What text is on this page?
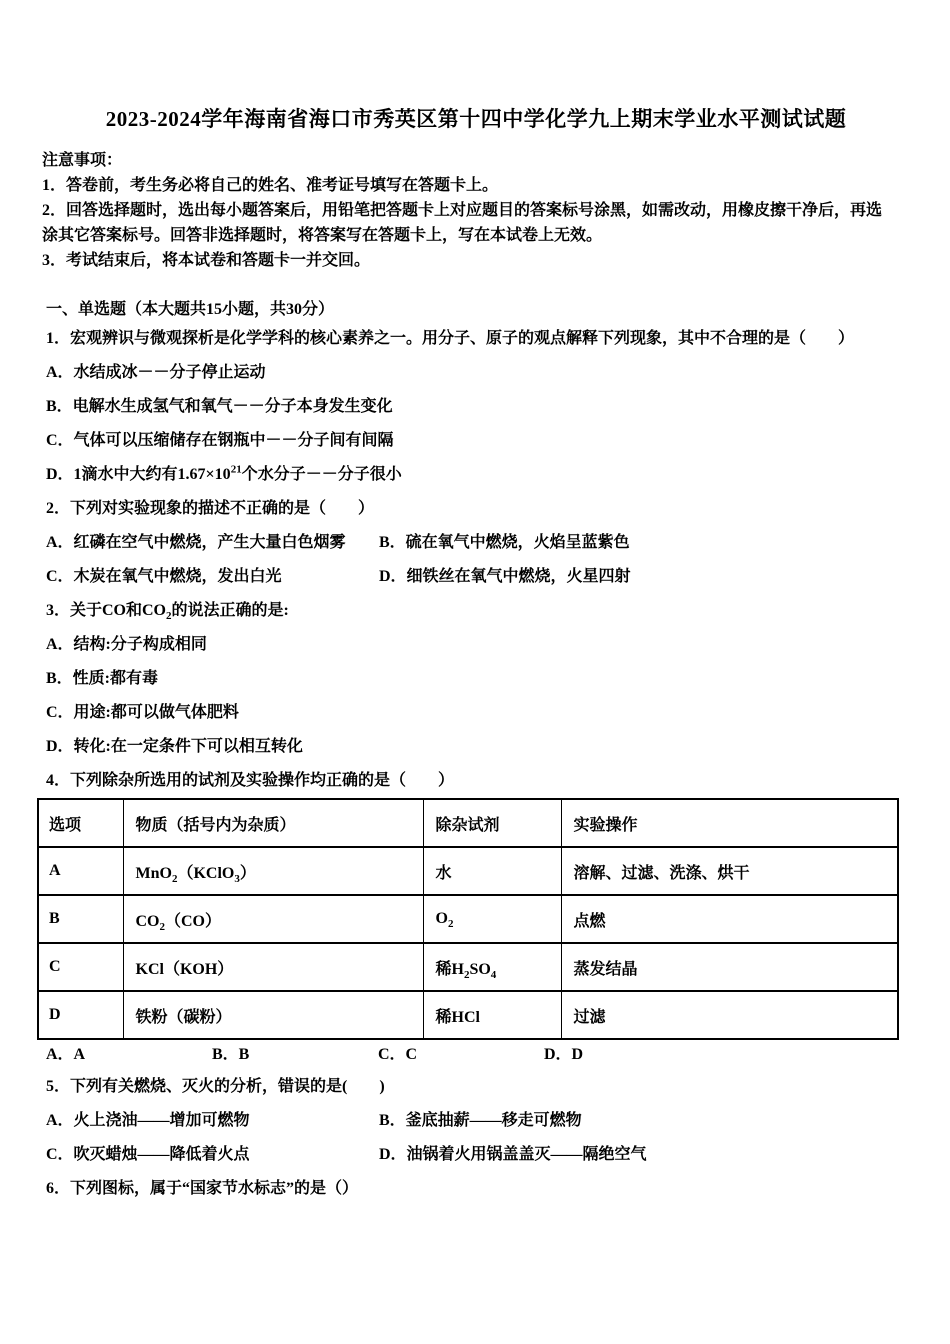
2023-2024学年海南省海口市秀英区第十四中学化学九上期末学业水平测试试题

注意事项：

1．答卷前，考生务必将自己的姓名、准考证号填写在答题卡上。

2．回答选择题时，选出每小题答案后，用铅笔把答题卡上对应题目的答案标号涂黑，如需改动，用橡皮擦干净后，再选涂其它答案标号。回答非选择题时，将答案写在答题卡上，写在本试卷上无效。

3．考试结束后，将本试卷和答题卡一并交回。

一、单选题（本大题共15小题，共30分）

1．宏观辨识与微观探析是化学学科的核心素养之一。用分子、原子的观点解释下列现象，其中不合理的是（　　）

A．水结成冰－－分子停止运动

B．电解水生成氢气和氧气－－分子本身发生变化

C．气体可以压缩储存在钢瓶中－－分子间有间隔

D．1滴水中大约有$1.67\times 10^{21}$个水分子－－分子很小

2．下列对实验现象的描述不正确的是（　　）

A．红磷在空气中燃烧，产生大量白色烟雾	B．硫在氧气中燃烧，火焰呈蓝紫色
C．木炭在氧气中燃烧，发出白光	D．细铁丝在氧气中燃烧，火星四射

3．关于CO和$CO_2$的说法正确的是:

A．结构:分子构成相同

B．性质:都有毒

C．用途:都可以做气体肥料

D．转化:在一定条件下可以相互转化

4．下列除杂所选用的试剂及实验操作均正确的是（　　）

选项	物质（括号内为杂质）	除杂试剂	实验操作
A	MnO$_2$（KClO$_3$）	水	溶解、过滤、洗涤、烘干
B	$CO_2(CO)$	$O_2$	点燃
C	KCl（KOH）	稀$H_2SO_4$	蒸发结晶
D	铁粉（碳粉）	稀HCl	过滤
A．A	B．B	C．C	D．D

5．下列有关燃烧、灭火的分析，错误的是(　　)

A．火上浇油——增加可燃物	B．釜底抽薪——移走可燃物
C．吹灭蜡烛——降低着火点	D．油锅着火用锅盖盖灭——隔绝空气

6．下列图标，属于“国家节水标志”的是（）
